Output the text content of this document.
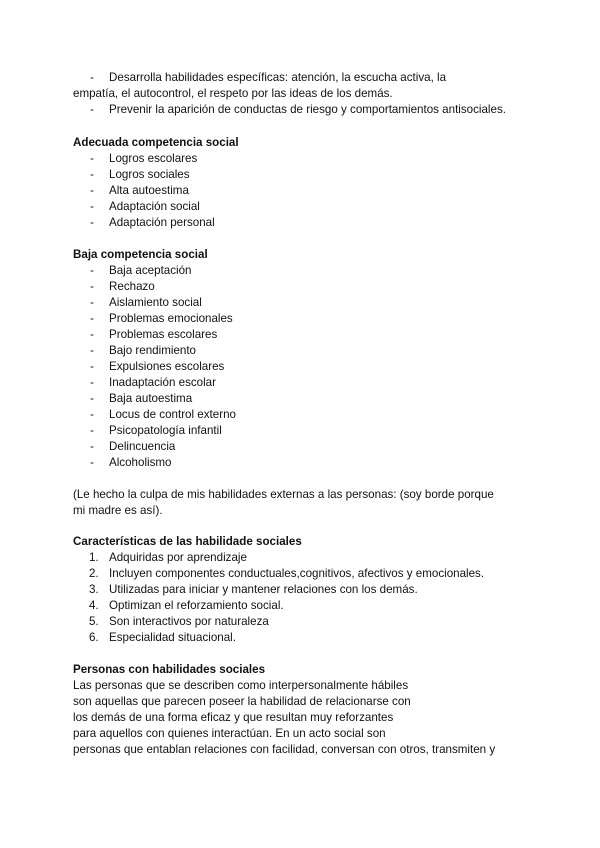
- Desarrolla habilidades específicas: atención, la escucha activa, la
empatía, el autocontrol, el respeto por las ideas de los demás.
- Prevenir la aparición de conductas de riesgo y comportamientos antisociales.
Adecuada competencia social
- Logros escolares
- Logros sociales
- Alta autoestima
- Adaptación social
- Adaptación personal
Baja competencia social
- Baja aceptación
- Rechazo
- Aislamiento social
- Problemas emocionales
- Problemas escolares
- Bajo rendimiento
- Expulsiones escolares
- Inadaptación escolar
- Baja autoestima
- Locus de control externo
- Psicopatología infantil
- Delincuencia
- Alcoholismo
(Le hecho la culpa de mis habilidades externas a las personas: (soy borde porque
mi madre es así).
Características de las habilidade sociales
1. Adquiridas por aprendizaje
2. Incluyen componentes conductuales,cognitivos, afectivos y emocionales.
3. Utilizadas para iniciar y mantener relaciones con los demás.
4. Optimizan el reforzamiento social.
5. Son interactivos por naturaleza
6. Especialidad situacional.
Personas con habilidades sociales
Las personas que se describen como interpersonalmente hábiles
son aquellas que parecen poseer la habilidad de relacionarse con
los demás de una forma eficaz y que resultan muy reforzantes
para aquellos con quienes interactúan. En un acto social son
personas que entablan relaciones con facilidad, conversan con otros, transmiten y
